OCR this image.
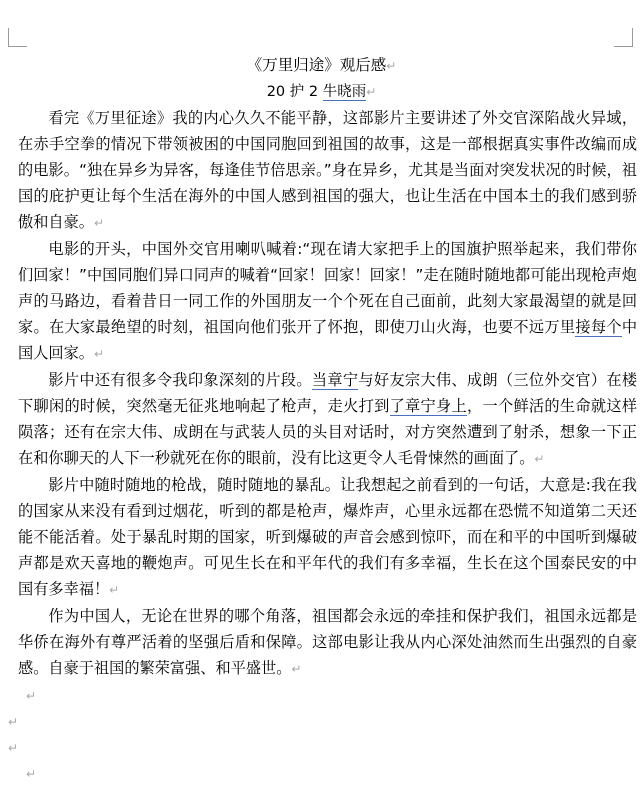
《万里归途》观后感↵
20 护 2 牛晓雨↵
看完《万里征途》我的内心久久不能平静，这部影片主要讲述了外交官深陷战火异域，在赤手空拳的情况下带领被困的中国同胞回到祖国的故事，这是一部根据真实事件改编而成的电影。“独在异乡为异客，每逢佳节倍思亲。”身在异乡，尤其是当面对突发状况的时候，祖国的庇护更让每个生活在海外的中国人感到祖国的强大，也让生活在中国本土的我们感到骄傲和自豪。↵
电影的开头，中国外交官用喇叭喊着:“现在请大家把手上的国旗护照举起来，我们带你们回家！”中国同胞们异口同声的喊着“回家！回家！回家！”走在随时随地都可能出现枪声炮声的马路边，看着昔日一同工作的外国朋友一个个死在自己面前，此刻大家最渴望的就是回家。在大家最绝望的时刻，祖国向他们张开了怀抱，即使刀山火海，也要不远万里接每个中国人回家。↵
影片中还有很多令我印象深刻的片段。当章宁与好友宗大伟、成朗（三位外交官）在楼下聊闲的时候，突然毫无征兆地响起了枪声，走火打到了章宁身上，一个鲜活的生命就这样陨落；还有在宗大伟、成朗在与武装人员的头目对话时，对方突然遭到了射杀，想象一下正在和你聊天的人下一秒就死在你的眼前，没有比这更令人毛骨悚然的画面了。↵
影片中随时随地的枪战，随时随地的暴乱。让我想起之前看到的一句话，大意是:我在我的国家从来没有看到过烟花，听到的都是枪声，爆炸声，心里永远都在恐慌不知道第二天还能不能活着。处于暴乱时期的国家，听到爆破的声音会感到惊吓，而在和平的中国听到爆破声都是欢天喜地的鞭炮声。可见生长在和平年代的我们有多幸福，生长在这个国泰民安的中国有多幸福！↵
作为中国人，无论在世界的哪个角落，祖国都会永远的牵挂和保护我们，祖国永远都是华侨在海外有尊严活着的坚强后盾和保障。这部电影让我从内心深处油然而生出强烈的自豪感。自豪于祖国的繁荣富强、和平盛世。↵
↵
↵
↵
↵
